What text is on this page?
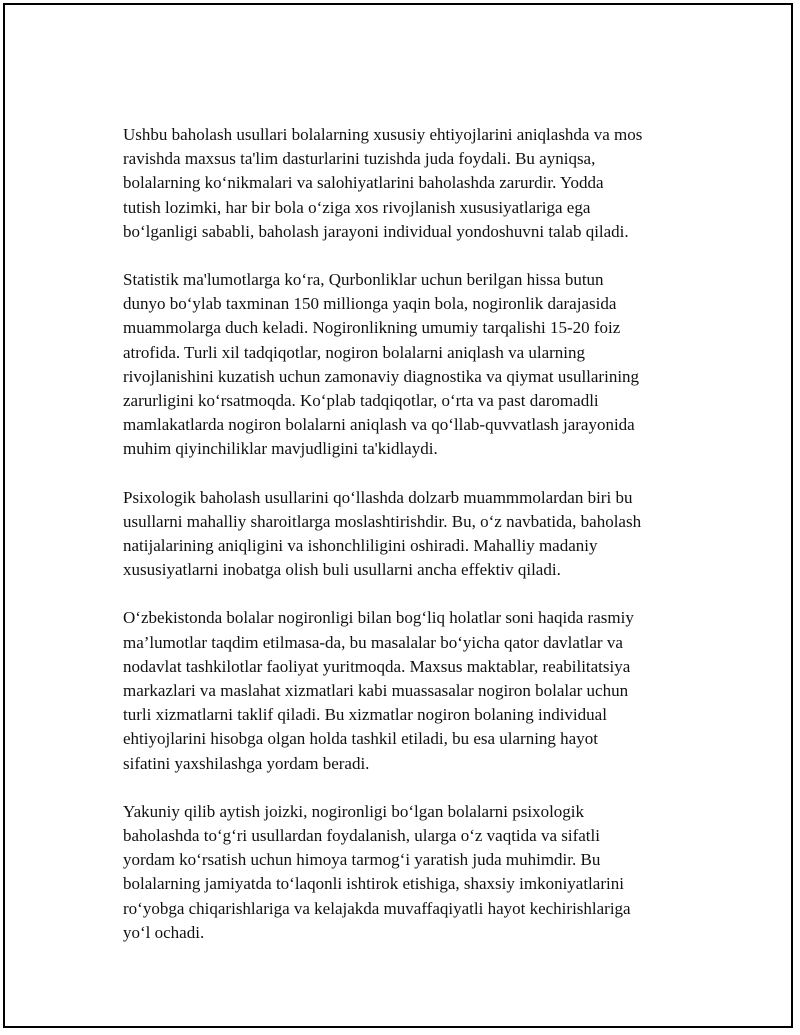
Ushbu baholash usullari bolalarning xususiy ehtiyojlarini aniqlashda va mos
ravishda maxsus ta'lim dasturlarini tuzishda juda foydali. Bu ayniqsa,
bolalarning ko‘nikmalari va salohiyatlarini baholashda zarurdir. Yodda
tutish lozimki, har bir bola o‘ziga xos rivojlanish xususiyatlariga ega
bo‘lganligi sababli, baholash jarayoni individual yondoshuvni talab qiladi.

Statistik ma'lumotlarga ko‘ra, Qurbonliklar uchun berilgan hissa butun
dunyo bo‘ylab taxminan 150 millionga yaqin bola, nogironlik darajasida
muammolarga duch keladi. Nogironlikning umumiy tarqalishi 15-20 foiz
atrofida. Turli xil tadqiqotlar, nogiron bolalarni aniqlash va ularning
rivojlanishini kuzatish uchun zamonaviy diagnostika va qiymat usullarining
zarurligini ko‘rsatmoqda. Ko‘plab tadqiqotlar, o‘rta va past daromadli
mamlakatlarda nogiron bolalarni aniqlash va qo‘llab-quvvatlash jarayonida
muhim qiyinchiliklar mavjudligini ta'kidlaydi.

Psixologik baholash usullarini qo‘llashda dolzarb muammmolardan biri bu
usullarni mahalliy sharoitlarga moslashtirishdir. Bu, o‘z navbatida, baholash
natijalarining aniqligini va ishonchliligini oshiradi. Mahalliy madaniy
xususiyatlarni inobatga olish buli usullarni ancha effektiv qiladi.

O‘zbekistonda bolalar nogironligi bilan bog‘liq holatlar soni haqida rasmiy
ma’lumotlar taqdim etilmasa-da, bu masalalar bo‘yicha qator davlatlar va
nodavlat tashkilotlar faoliyat yuritmoqda. Maxsus maktablar, reabilitatsiya
markazlari va maslahat xizmatlari kabi muassasalar nogiron bolalar uchun
turli xizmatlarni taklif qiladi. Bu xizmatlar nogiron bolaning individual
ehtiyojlarini hisobga olgan holda tashkil etiladi, bu esa ularning hayot
sifatini yaxshilashga yordam beradi.

Yakuniy qilib aytish joizki, nogironligi bo‘lgan bolalarni psixologik
baholashda to‘g‘ri usullardan foydalanish, ularga o‘z vaqtida va sifatli
yordam ko‘rsatish uchun himoya tarmog‘i yaratish juda muhimdir. Bu
bolalarning jamiyatda to‘laqonli ishtirok etishiga, shaxsiy imkoniyatlarini
ro‘yobga chiqarishlariga va kelajakda muvaffaqiyatli hayot kechirishlariga
yo‘l ochadi.
